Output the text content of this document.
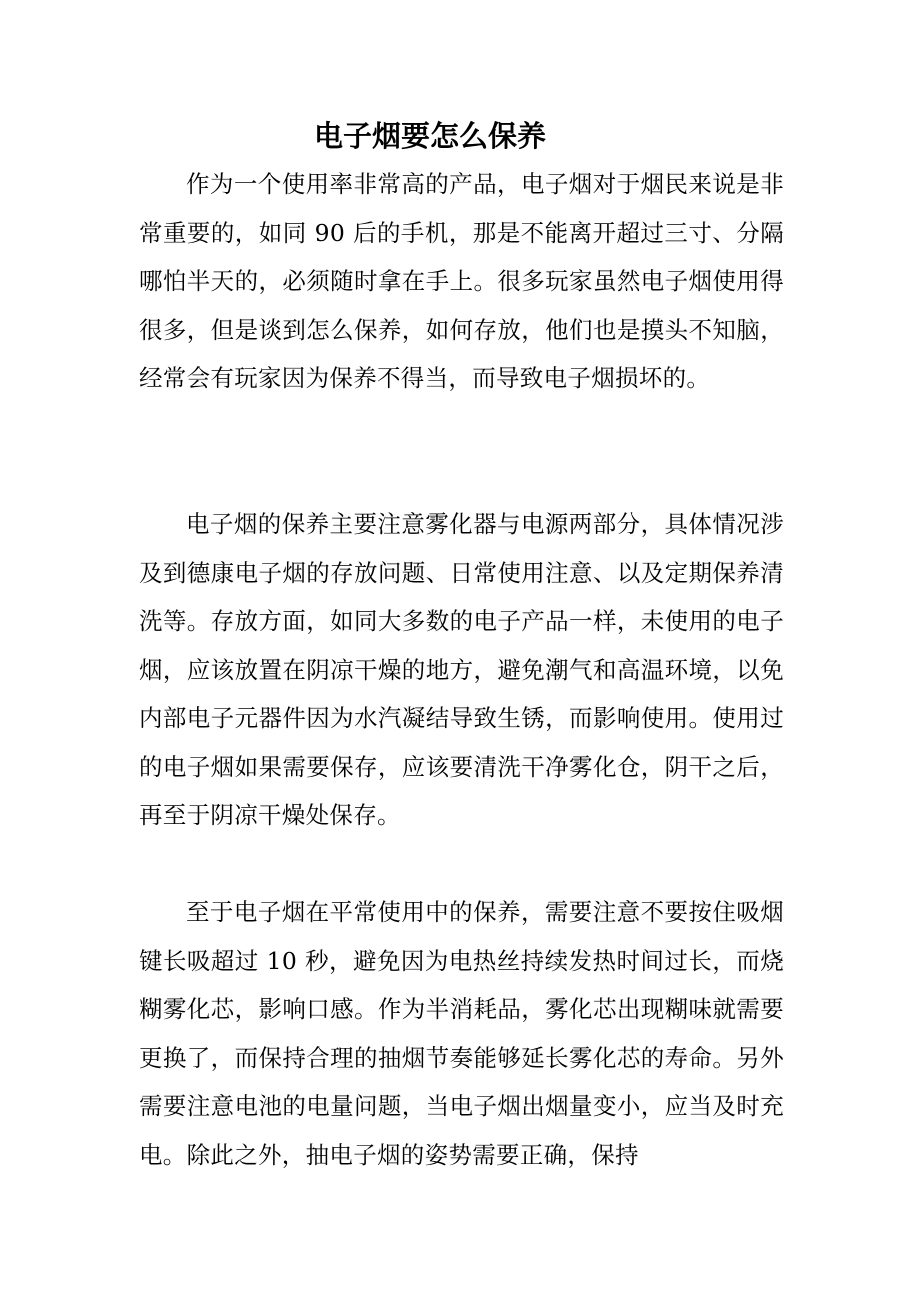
电子烟要怎么保养

作为一个使用率非常高的产品，电子烟对于烟民来说是非常重要的，如同 90 后的手机，那是不能离开超过三寸、分隔哪怕半天的，必须随时拿在手上。很多玩家虽然电子烟使用得很多，但是谈到怎么保养，如何存放，他们也是摸头不知脑，经常会有玩家因为保养不得当，而导致电子烟损坏的。

电子烟的保养主要注意雾化器与电源两部分，具体情况涉及到德康电子烟的存放问题、日常使用注意、以及定期保养清洗等。存放方面，如同大多数的电子产品一样，未使用的电子烟，应该放置在阴凉干燥的地方，避免潮气和高温环境，以免内部电子元器件因为水汽凝结导致生锈，而影响使用。使用过的电子烟如果需要保存，应该要清洗干净雾化仓，阴干之后，再至于阴凉干燥处保存。

至于电子烟在平常使用中的保养，需要注意不要按住吸烟键长吸超过 10 秒，避免因为电热丝持续发热时间过长，而烧糊雾化芯，影响口感。作为半消耗品，雾化芯出现糊味就需要更换了，而保持合理的抽烟节奏能够延长雾化芯的寿命。另外需要注意电池的电量问题，当电子烟出烟量变小，应当及时充电。除此之外，抽电子烟的姿势需要正确，保持
